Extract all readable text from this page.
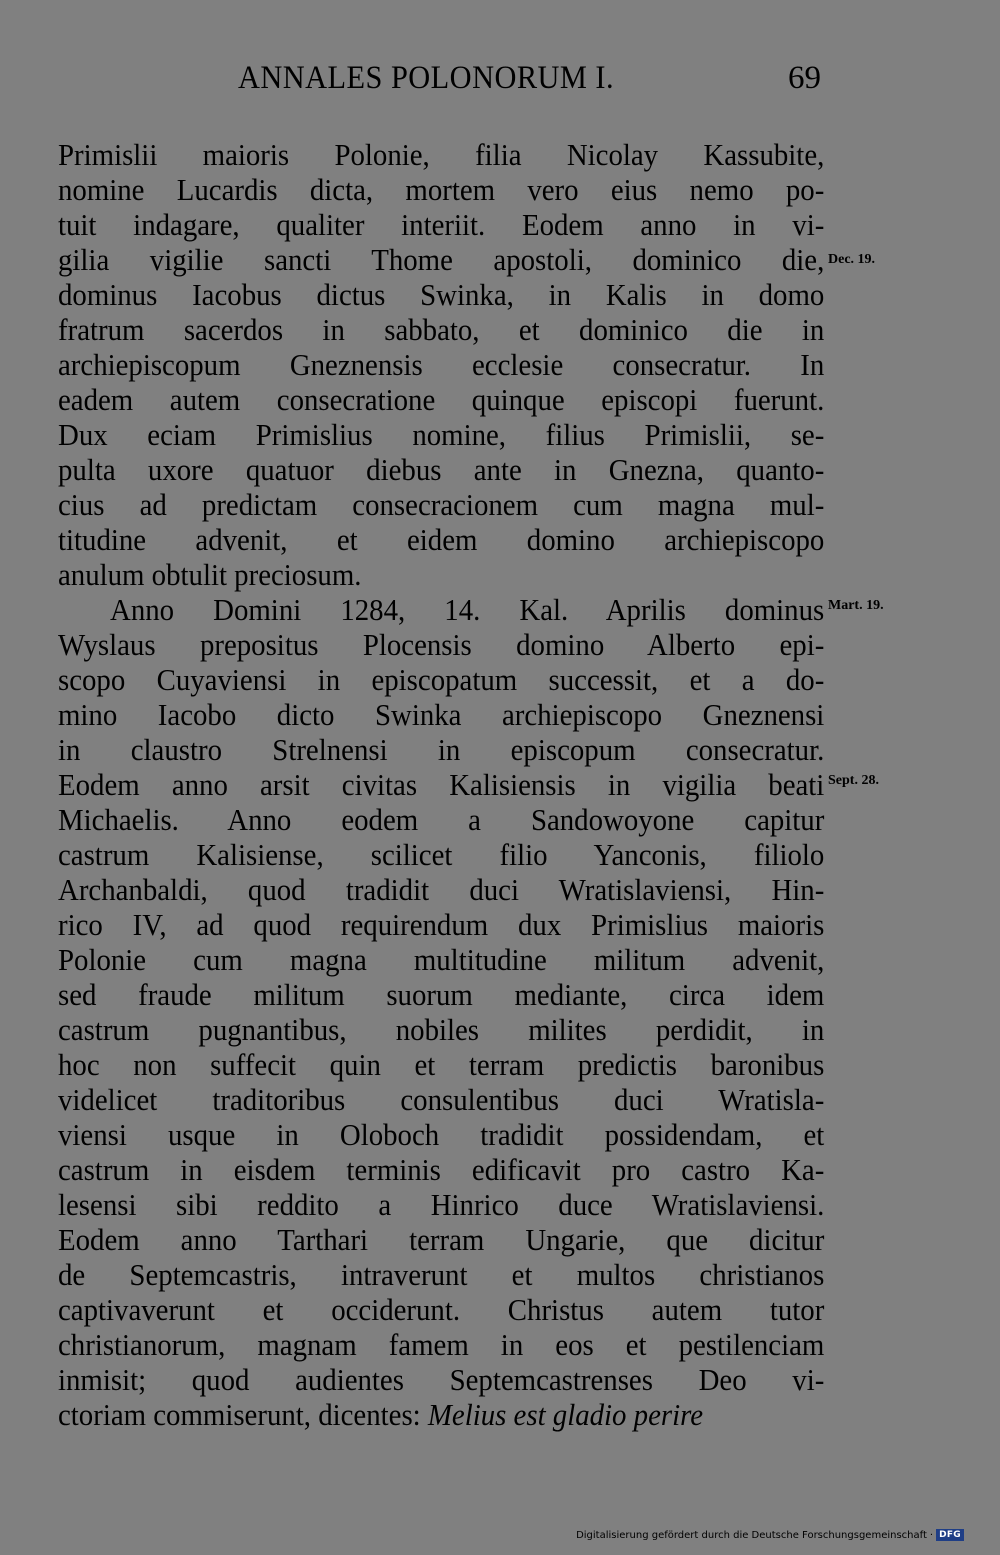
ANNALES POLONORUM I.	69
Primislii maioris Polonie, filia Nicolay Kassubite,
nomine Lucardis dicta, mortem vero eius nemo po-
tuit indagare, qualiter interiit. Eodem anno in vi-
gilia vigilie sancti Thome apostoli, dominico die,
dominus Iacobus dictus Swinka, in Kalis in domo
fratrum sacerdos in sabbato, et dominico die in
archiepiscopum Gneznensis ecclesie consecratur. In
eadem autem consecratione quinque episcopi fuerunt.
Dux eciam Primislius nomine, filius Primislii, se-
pulta uxore quatuor diebus ante in Gnezna, quanto-
cius ad predictam consecracionem cum magna mul-
titudine advenit, et eidem domino archiepiscopo
anulum obtulit preciosum.
Anno Domini 1284, 14. Kal. Aprilis dominus
Wyslaus prepositus Plocensis domino Alberto epi-
scopo Cuyaviensi in episcopatum successit, et a do-
mino Iacobo dicto Swinka archiepiscopo Gneznensi
in claustro Strelnensi in episcopum consecratur.
Eodem anno arsit civitas Kalisiensis in vigilia beati
Michaelis. Anno eodem a Sandowoyone capitur
castrum Kalisiense, scilicet filio Yanconis, filiolo
Archanbaldi, quod tradidit duci Wratislaviensi, Hin-
rico IV, ad quod requirendum dux Primislius maioris
Polonie cum magna multitudine militum advenit,
sed fraude militum suorum mediante, circa idem
castrum pugnantibus, nobiles milites perdidit, in
hoc non suffecit quin et terram predictis baronibus
videlicet traditoribus consulentibus duci Wratisla-
viensi usque in Oloboch tradidit possidendam, et
castrum in eisdem terminis edificavit pro castro Ka-
lesensi sibi reddito a Hinrico duce Wratislaviensi.
Eodem anno Tarthari terram Ungarie, que dicitur
de Septemcastris, intraverunt et multos christianos
captivaverunt et occiderunt. Christus autem tutor
christianorum, magnam famem in eos et pestilenciam
inmisit; quod audientes Septemcastrenses Deo vi-
ctoriam commiserunt, dicentes: Melius est gladio perire
Dec. 19.
Mart. 19.
Sept. 28.
Digitalisierung gefördert durch die Deutsche Forschungsgemeinschaft · DFG
